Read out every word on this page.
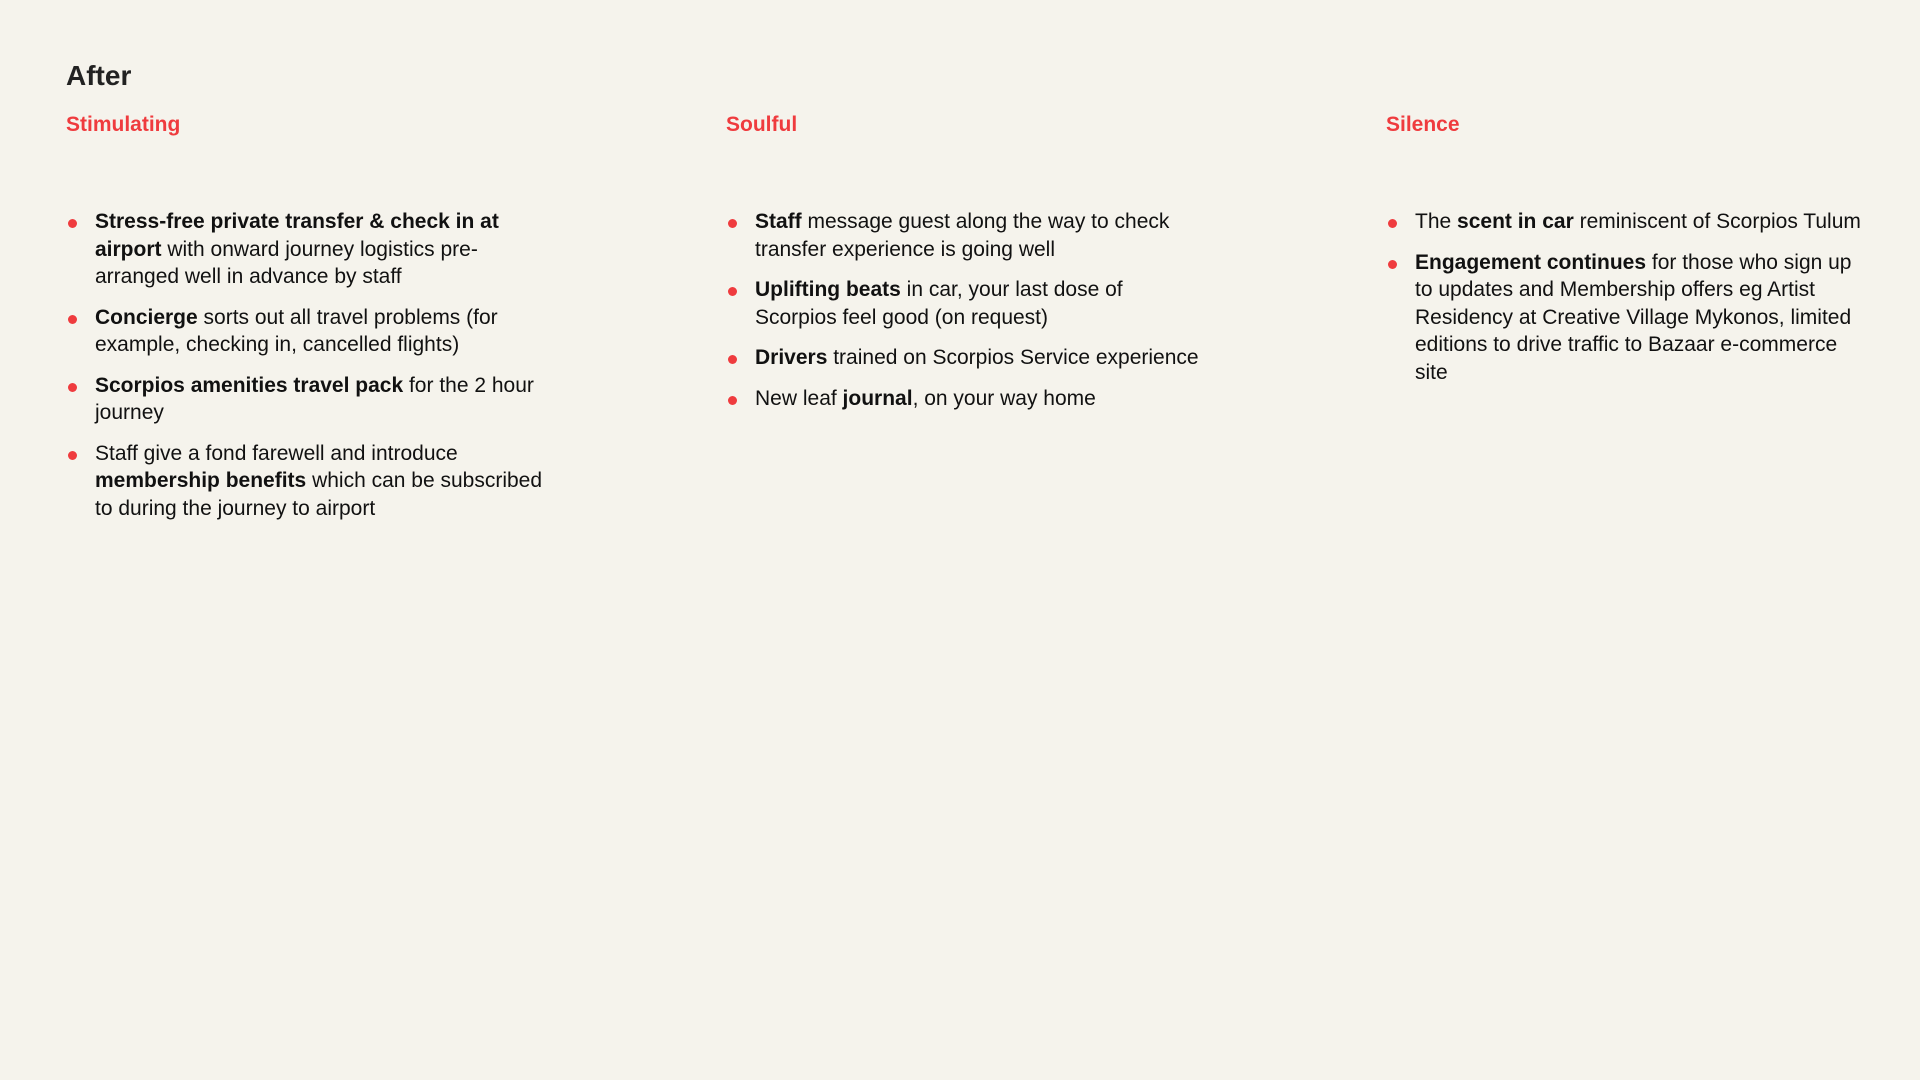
After
Stimulating
Stress-free private transfer & check in at airport with onward journey logistics pre-arranged well in advance by staff
Concierge sorts out all travel problems (for example, checking in, cancelled flights)
Scorpios amenities travel pack for the 2 hour journey
Staff give a fond farewell and introduce membership benefits which can be subscribed to during the journey to airport
Soulful
Staff message guest along the way to check transfer experience is going well
Uplifting beats in car, your last dose of Scorpios feel good (on request)
Drivers trained on Scorpios Service experience
New leaf journal, on your way home
Silence
The scent in car reminiscent of Scorpios Tulum
Engagement continues for those who sign up to updates and Membership offers eg Artist Residency at Creative Village Mykonos, limited editions to drive traffic to Bazaar e-commerce site
